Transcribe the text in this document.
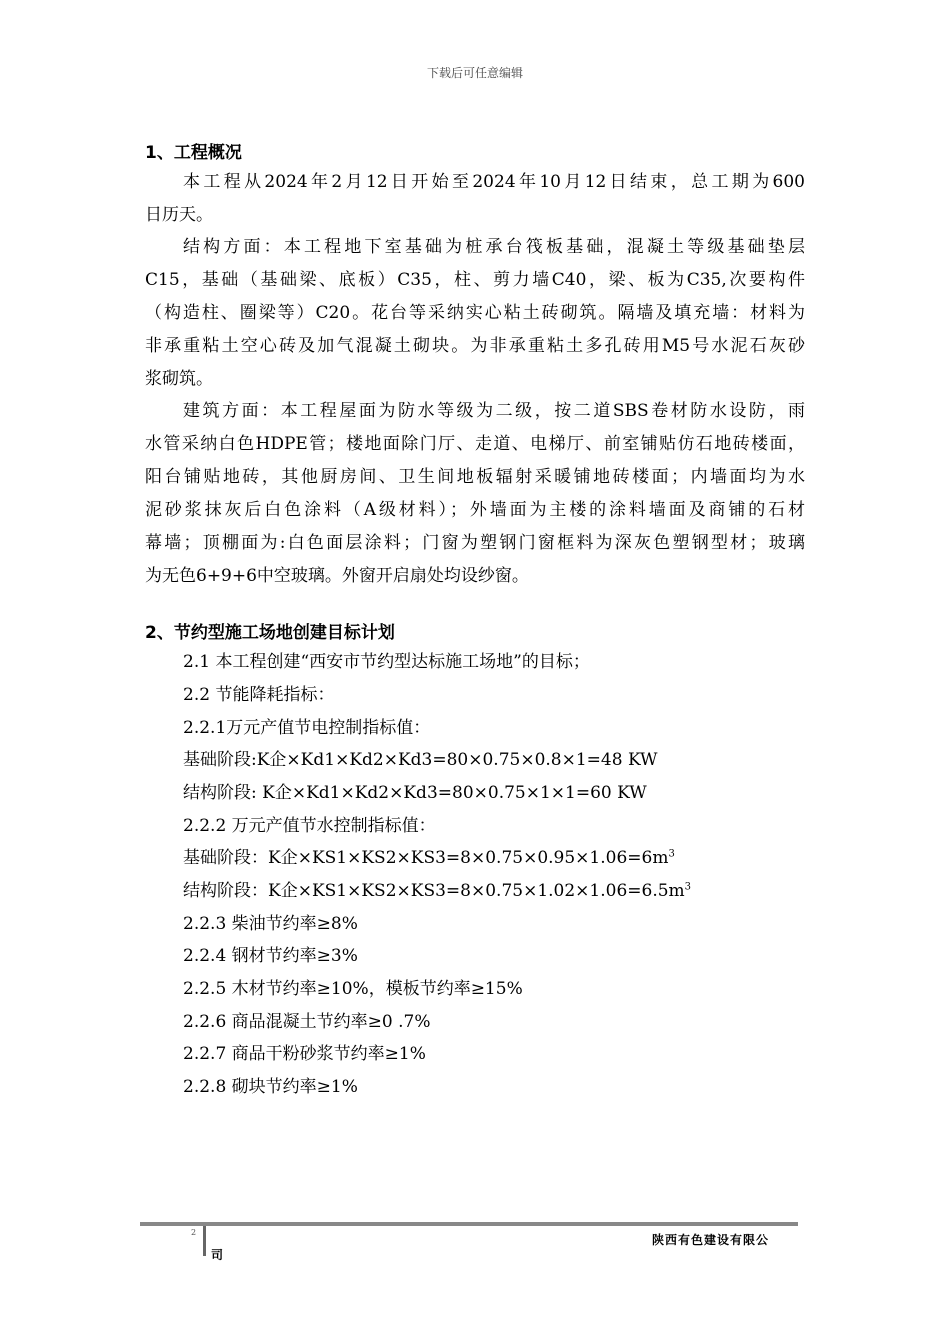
下载后可任意编辑
1、工程概况
本工程从2024年2月12日开始至2024年10月12日结束，总工期为600
日历天。
结构方面：本工程地下室基础为桩承台筏板基础，混凝土等级基础垫层
C15，基础（基础梁、底板）C35，柱、剪力墙C40，梁、板为C35,次要构件
（构造柱、圈梁等）C20。花台等采纳实心粘土砖砌筑。隔墙及填充墙：材料为
非承重粘土空心砖及加气混凝土砌块。为非承重粘土多孔砖用M5号水泥石灰砂
浆砌筑。
建筑方面：本工程屋面为防水等级为二级，按二道SBS卷材防水设防，雨
水管采纳白色HDPE管；楼地面除门厅、走道、电梯厅、前室铺贴仿石地砖楼面，
阳台铺贴地砖，其他厨房间、卫生间地板辐射采暖铺地砖楼面；内墙面均为水
泥砂浆抹灰后白色涂料（A级材料）；外墙面为主楼的涂料墙面及商铺的石材
幕墙；顶棚面为:白色面层涂料；门窗为塑钢门窗框料为深灰色塑钢型材；玻璃
为无色6+9+6中空玻璃。外窗开启扇处均设纱窗。
2、节约型施工场地创建目标计划
2.1 本工程创建“西安市节约型达标施工场地”的目标；
2.2 节能降耗指标：
2.2.1万元产值节电控制指标值：
基础阶段:K企×Kd1×Kd2×Kd3=80×0.75×0.8×1=48 KW
结构阶段: K企×Kd1×Kd2×Kd3=80×0.75×1×1=60 KW
2.2.2 万元产值节水控制指标值：
基础阶段：K企$\times KS1\times KS2\times KS3=8\times 0.75\times 0.95\times 1.06=6m^3$
结构阶段：K企$\times KS1\times KS2\times KS3=8\times 0.75\times 1.02\times 1.06=6.5m^3$
2.2.3 柴油节约率≥8%
2.2.4 钢材节约率≥3%
2.2.5 木材节约率≥10%，模板节约率≥15%
2.2.6 商品混凝土节约率≥0 .7%
2.2.7 商品干粉砂浆节约率≥1%
2.2.8 砌块节约率≥1%
2
陕西有色建设有限公
司
